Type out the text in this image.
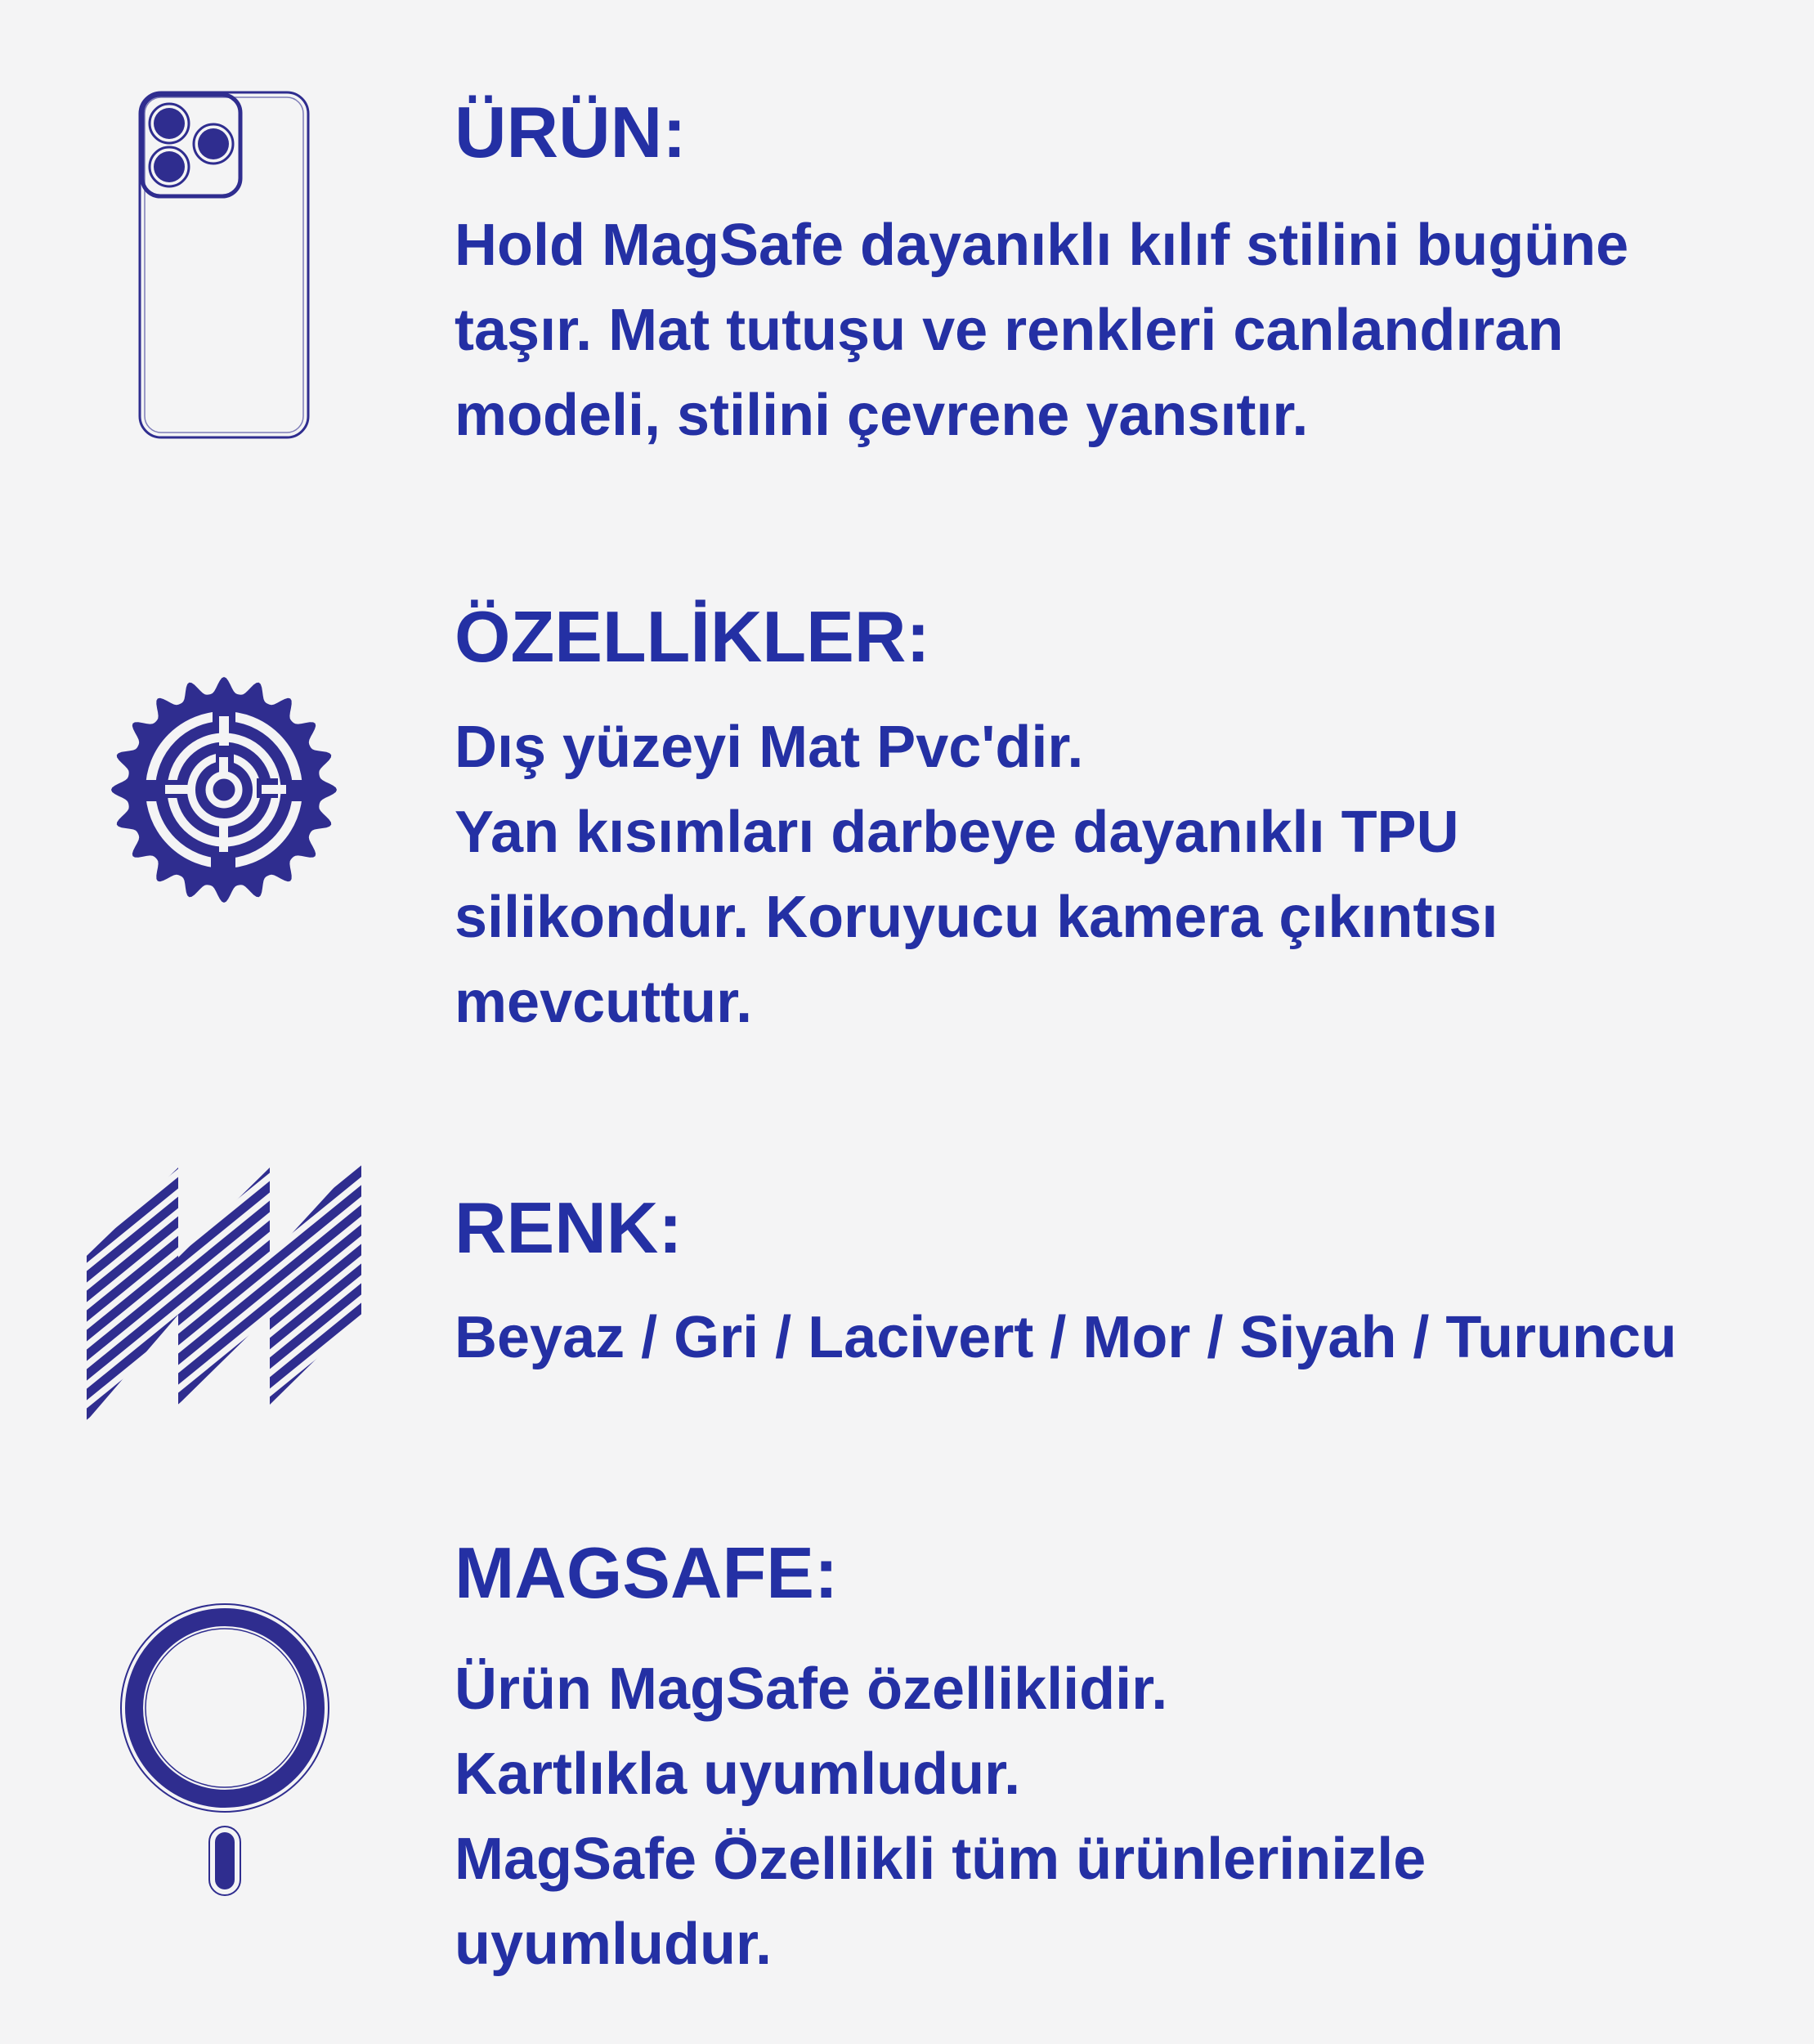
ÜRÜN:
Hold MagSafe dayanıklı kılıf stilini bugüne
taşır. Mat tutuşu ve renkleri canlandıran
modeli, stilini çevrene yansıtır.
ÖZELLİKLER:
Dış yüzeyi Mat Pvc'dir.
Yan kısımları darbeye dayanıklı TPU
silikondur. Koruyucu kamera çıkıntısı
mevcuttur.
RENK:
Beyaz / Gri / Lacivert / Mor / Siyah / Turuncu
MAGSAFE:
Ürün MagSafe özelliklidir.
Kartlıkla uyumludur.
MagSafe Özellikli tüm ürünlerinizle
uyumludur.
